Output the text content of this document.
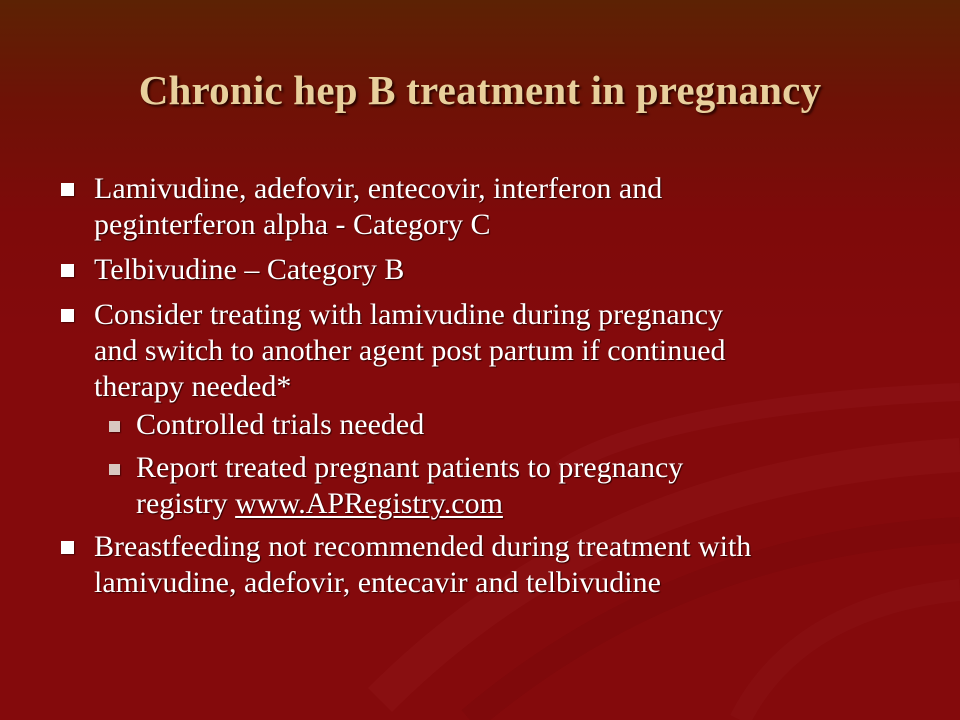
Chronic hep B treatment in pregnancy
Lamivudine, adefovir, entecovir, interferon and
peginterferon alpha - Category C
Telbivudine – Category B
Consider treating with lamivudine during pregnancy
and switch to another agent post partum if continued
therapy needed*
Controlled trials needed
Report treated pregnant patients to pregnancy
registry www.APRegistry.com
Breastfeeding not recommended during treatment with
lamivudine, adefovir, entecavir and telbivudine
